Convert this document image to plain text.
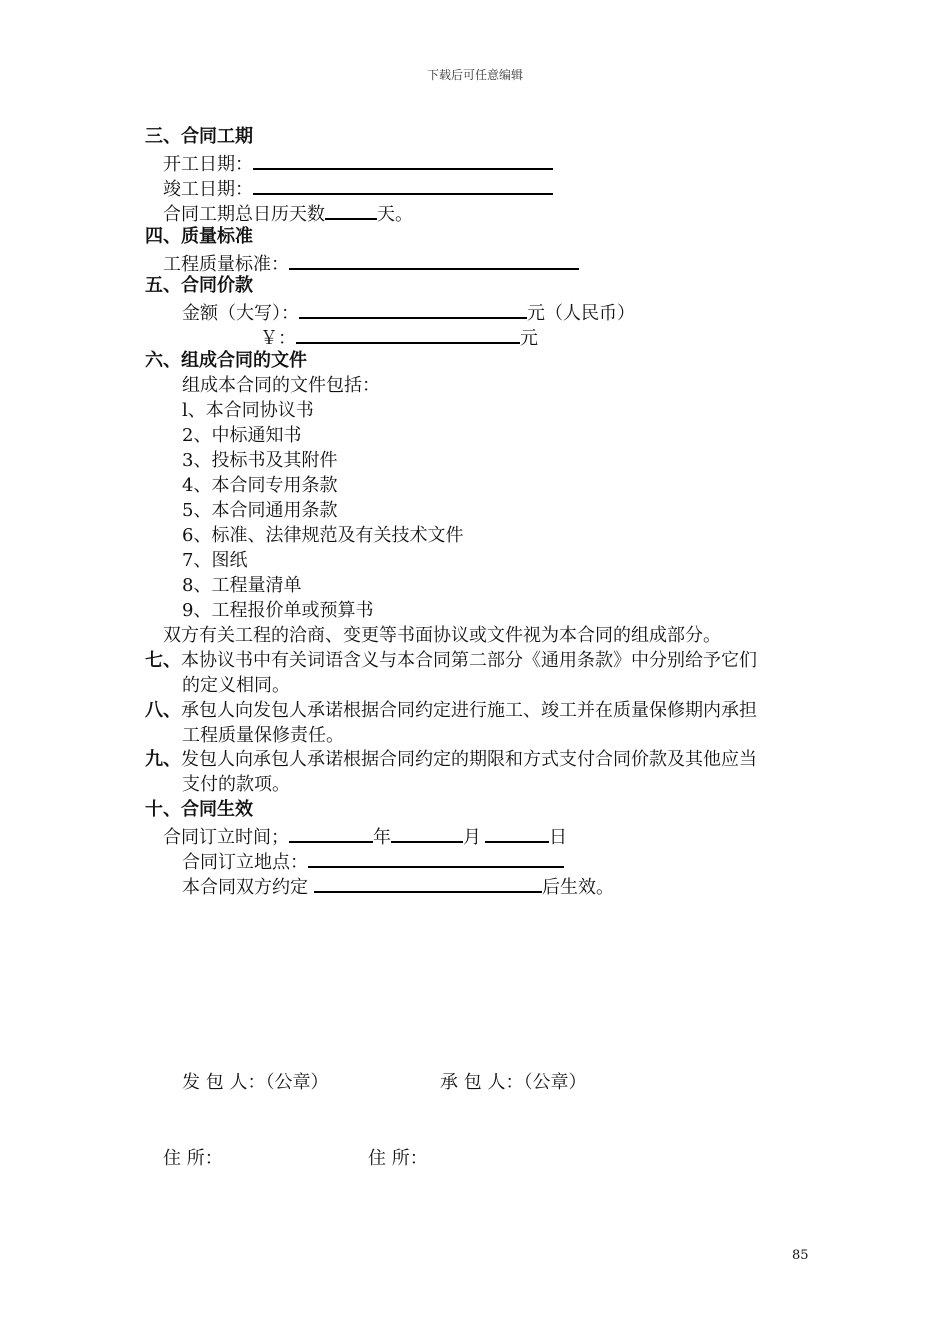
下载后可任意编辑
三、合同工期
开工日期：
竣工日期：
合同工期总日历天数	天。
四、质量标准
工程质量标准：
五、合同价款
金额（大写）：	元（人民币）
￥：	元
六、组成合同的文件
组成本合同的文件包括：
l、本合同协议书
2、中标通知书
3、投标书及其附件
4、本合同专用条款
5、本合同通用条款
6、标准、法律规范及有关技术文件
7、图纸
8、工程量清单
9、工程报价单或预算书
双方有关工程的洽商、变更等书面协议或文件视为本合同的组成部分。
七、本协议书中有关词语含义与本合同第二部分《通用条款》中分别给予它们
的定义相同。
八、承包人向发包人承诺根据合同约定进行施工、竣工并在质量保修期内承担
工程质量保修责任。
九、发包人向承包人承诺根据合同约定的期限和方式支付合同价款及其他应当
支付的款项。
十、合同生效
合同订立时间；	年	月	日
合同订立地点：
本合同双方约定	后生效。
发 包 人：（公章）	承 包 人：（公章）
住 所：	住 所：
85
